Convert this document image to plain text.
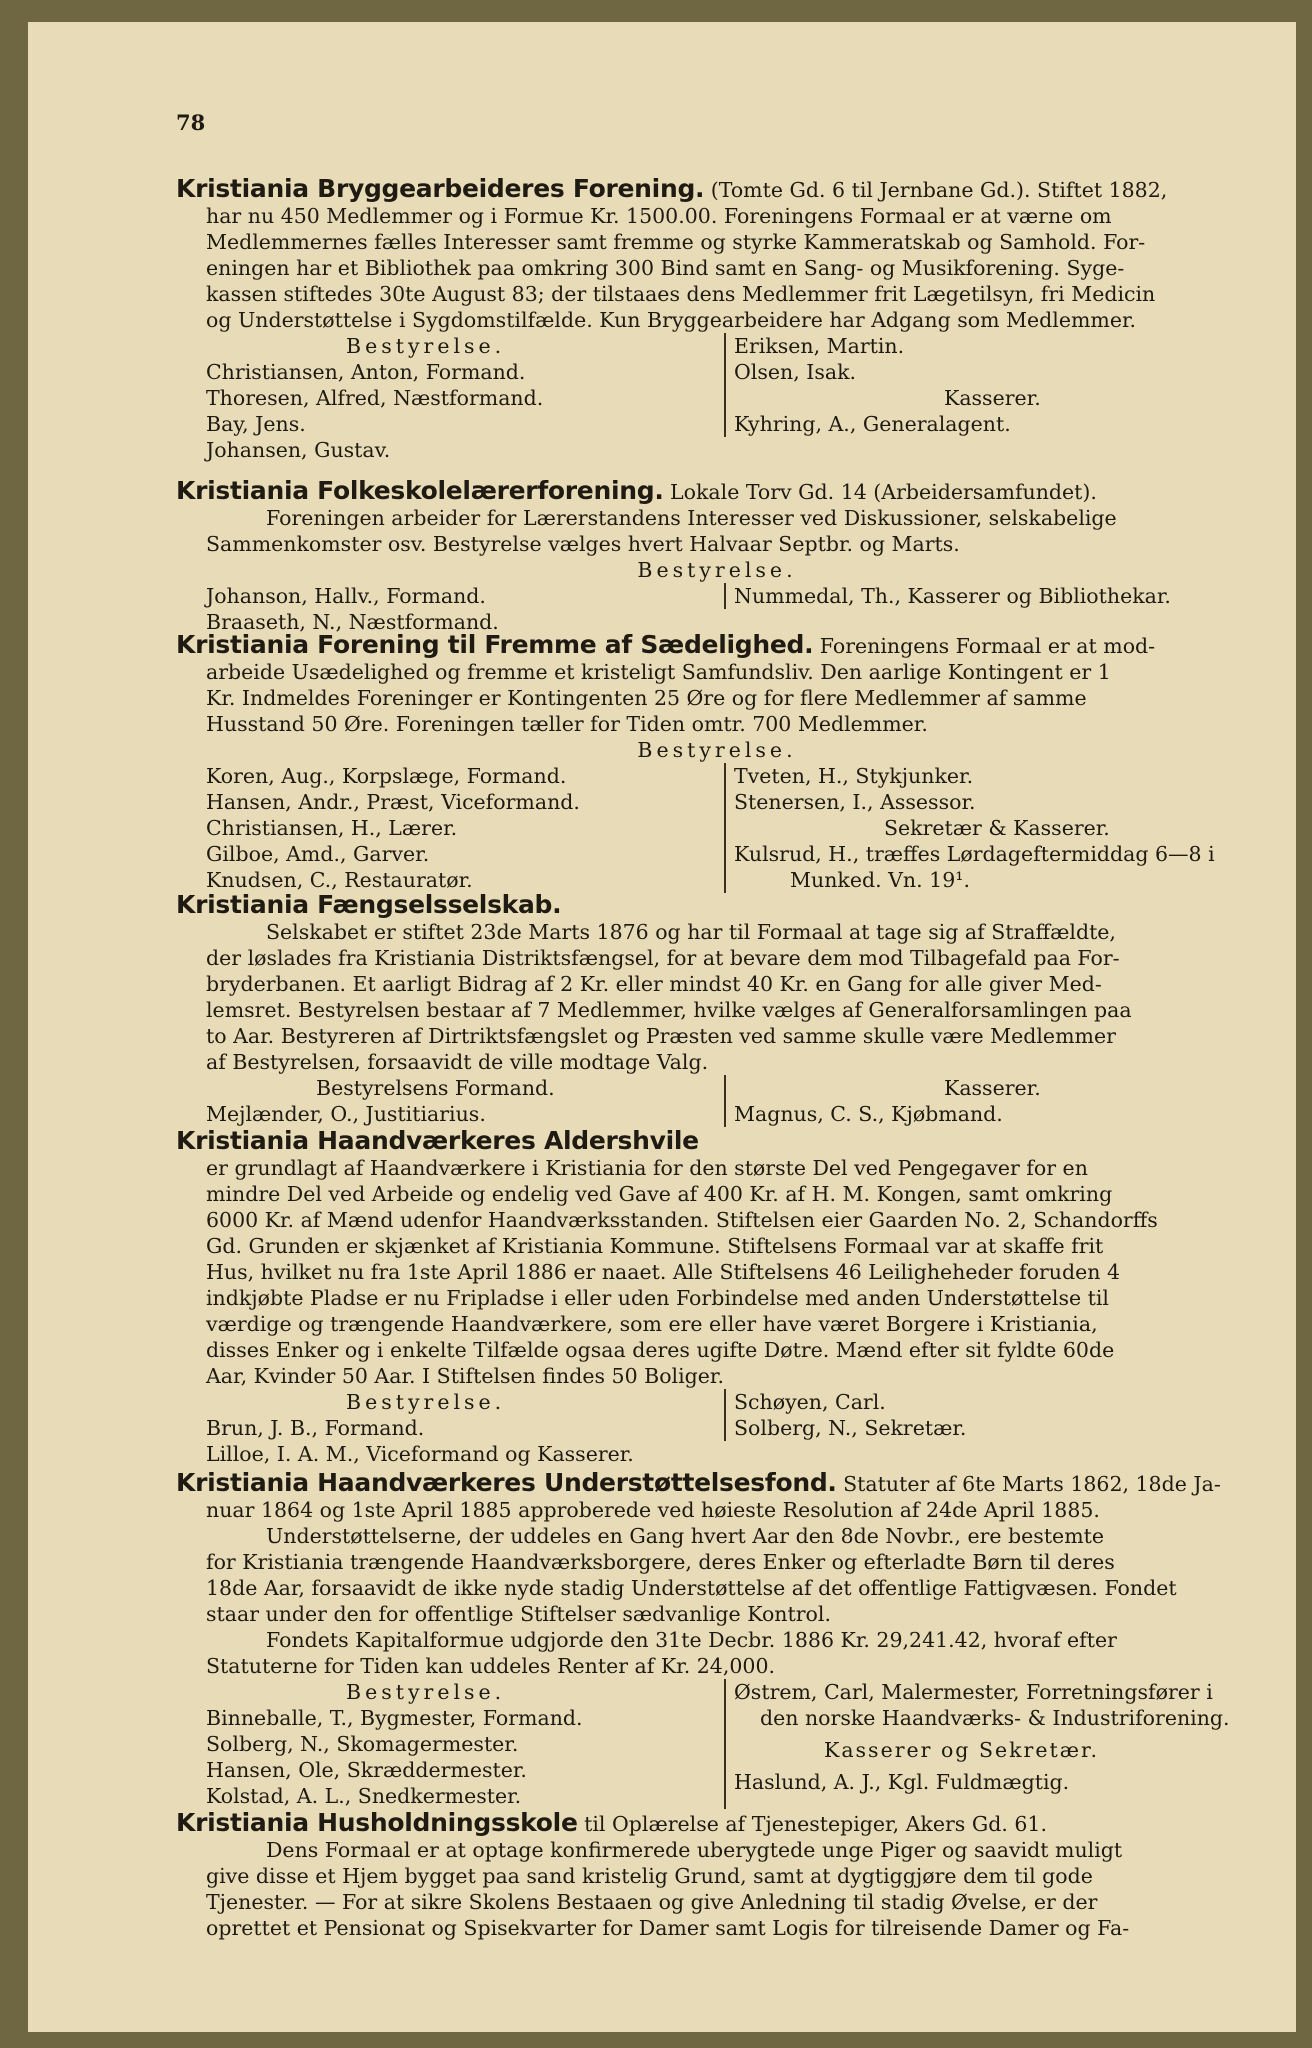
78
Kristiania Bryggearbeideres Forening. (Tomte Gd. 6 til Jernbane Gd.). Stiftet 1882,
har nu 450 Medlemmer og i Formue Kr. 1500.00. Foreningens Formaal er at værne om
Medlemmernes fælles Interesser samt fremme og styrke Kammeratskab og Samhold. For-
eningen har et Bibliothek paa omkring 300 Bind samt en Sang- og Musikforening. Syge-
kassen stiftedes 30te August 83; der tilstaaes dens Medlemmer frit Lægetilsyn, fri Medicin
og Understøttelse i Sygdomstilfælde. Kun Bryggearbeidere har Adgang som Medlemmer.
Bestyrelse.
Christiansen, Anton, Formand.
Thoresen, Alfred, Næstformand.
Bay, Jens.
Johansen, Gustav.
Eriksen, Martin.
Olsen, Isak.
Kasserer.
Kyhring, A., Generalagent.
Kristiania Folkeskolelærerforening. Lokale Torv Gd. 14 (Arbeidersamfundet).
Foreningen arbeider for Lærerstandens Interesser ved Diskussioner, selskabelige
Sammenkomster osv. Bestyrelse vælges hvert Halvaar Septbr. og Marts.
Bestyrelse.
Johanson, Hallv., Formand.
Braaseth, N., Næstformand.
Nummedal, Th., Kasserer og Bibliothekar.
Kristiania Forening til Fremme af Sædelighed. Foreningens Formaal er at mod-
arbeide Usædelighed og fremme et kristeligt Samfundsliv. Den aarlige Kontingent er 1
Kr. Indmeldes Foreninger er Kontingenten 25 Øre og for flere Medlemmer af samme
Husstand 50 Øre. Foreningen tæller for Tiden omtr. 700 Medlemmer.
Bestyrelse.
Koren, Aug., Korpslæge, Formand.
Hansen, Andr., Præst, Viceformand.
Christiansen, H., Lærer.
Gilboe, Amd., Garver.
Knudsen, C., Restauratør.
Tveten, H., Stykjunker.
Stenersen, I., Assessor.
Sekretær & Kasserer.
Kulsrud, H., træffes Lørdageftermiddag 6—8 i
Munked. Vn. 19¹.
Kristiania Fængselsselskab.
Selskabet er stiftet 23de Marts 1876 og har til Formaal at tage sig af Straffældte,
der løslades fra Kristiania Distriktsfængsel, for at bevare dem mod Tilbagefald paa For-
bryderbanen. Et aarligt Bidrag af 2 Kr. eller mindst 40 Kr. en Gang for alle giver Med-
lemsret. Bestyrelsen bestaar af 7 Medlemmer, hvilke vælges af Generalforsamlingen paa
to Aar. Bestyreren af Dirtriktsfængslet og Præsten ved samme skulle være Medlemmer
af Bestyrelsen, forsaavidt de ville modtage Valg.
Bestyrelsens Formand.
Mejlænder, O., Justitiarius.
Kasserer.
Magnus, C. S., Kjøbmand.
Kristiania Haandværkeres Aldershvile
er grundlagt af Haandværkere i Kristiania for den største Del ved Pengegaver for en
mindre Del ved Arbeide og endelig ved Gave af 400 Kr. af H. M. Kongen, samt omkring
6000 Kr. af Mænd udenfor Haandværksstanden. Stiftelsen eier Gaarden No. 2, Schandorffs
Gd. Grunden er skjænket af Kristiania Kommune. Stiftelsens Formaal var at skaffe frit
Hus, hvilket nu fra 1ste April 1886 er naaet. Alle Stiftelsens 46 Leiligheheder foruden 4
indkjøbte Pladse er nu Fripladse i eller uden Forbindelse med anden Understøttelse til
værdige og trængende Haandværkere, som ere eller have været Borgere i Kristiania,
disses Enker og i enkelte Tilfælde ogsaa deres ugifte Døtre. Mænd efter sit fyldte 60de
Aar, Kvinder 50 Aar. I Stiftelsen findes 50 Boliger.
Bestyrelse.
Brun, J. B., Formand.
Lilloe, I. A. M., Viceformand og Kasserer.
Schøyen, Carl.
Solberg, N., Sekretær.
Kristiania Haandværkeres Understøttelsesfond. Statuter af 6te Marts 1862, 18de Ja-
nuar 1864 og 1ste April 1885 approberede ved høieste Resolution af 24de April 1885.
Understøttelserne, der uddeles en Gang hvert Aar den 8de Novbr., ere bestemte
for Kristiania trængende Haandværksborgere, deres Enker og efterladte Børn til deres
18de Aar, forsaavidt de ikke nyde stadig Understøttelse af det offentlige Fattigvæsen. Fondet
staar under den for offentlige Stiftelser sædvanlige Kontrol.
Fondets Kapitalformue udgjorde den 31te Decbr. 1886 Kr. 29,241.42, hvoraf efter
Statuterne for Tiden kan uddeles Renter af Kr. 24,000.
Bestyrelse.
Binneballe, T., Bygmester, Formand.
Solberg, N., Skomagermester.
Hansen, Ole, Skræddermester.
Kolstad, A. L., Snedkermester.
Østrem, Carl, Malermester, Forretningsfører i
den norske Haandværks- & Industriforening.
Kasserer og Sekretær.
Haslund, A. J., Kgl. Fuldmægtig.
Kristiania Husholdningsskole til Oplærelse af Tjenestepiger, Akers Gd. 61.
Dens Formaal er at optage konfirmerede uberygtede unge Piger og saavidt muligt
give disse et Hjem bygget paa sand kristelig Grund, samt at dygtiggjøre dem til gode
Tjenester. — For at sikre Skolens Bestaaen og give Anledning til stadig Øvelse, er der
oprettet et Pensionat og Spisekvarter for Damer samt Logis for tilreisende Damer og Fa-
